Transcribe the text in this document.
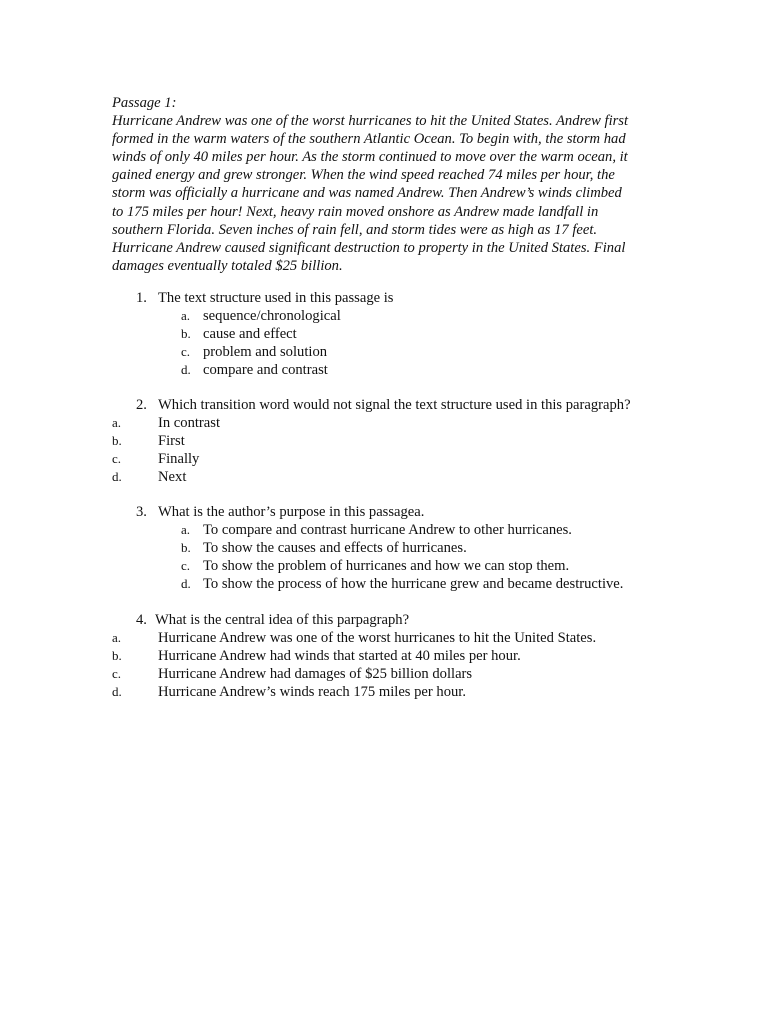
Passage 1:
Hurricane Andrew was one of the worst hurricanes to hit the United States. Andrew first
formed in the warm waters of the southern Atlantic Ocean. To begin with, the storm had
winds of only 40 miles per hour. As the storm continued to move over the warm ocean, it
gained energy and grew stronger. When the wind speed reached 74 miles per hour, the
storm was officially a hurricane and was named Andrew. Then Andrew’s winds climbed
to 175 miles per hour! Next, heavy rain moved onshore as Andrew made landfall in
southern Florida. Seven inches of rain fell, and storm tides were as high as 17 feet.
Hurricane Andrew caused significant destruction to property in the United States. Final
damages eventually totaled $25 billion.
1. The text structure used in this passage is
a. sequence/chronological
b. cause and effect
c. problem and solution
d. compare and contrast
2. Which transition word would not signal the text structure used in this paragraph?
a.	In contrast
b.	First
c.	Finally
d.	Next
3. What is the author’s purpose in this passagea.
a. To compare and contrast hurricane Andrew to other hurricanes.
b. To show the causes and effects of hurricanes.
c. To show the problem of hurricanes and how we can stop them.
d. To show the process of how the hurricane grew and became destructive.
4. What is the central idea of this parpagraph?
a.	Hurricane Andrew was one of the worst hurricanes to hit the United States.
b.	Hurricane Andrew had winds that started at 40 miles per hour.
c.	Hurricane Andrew had damages of $25 billion dollars
d.	Hurricane Andrew’s winds reach 175 miles per hour.
